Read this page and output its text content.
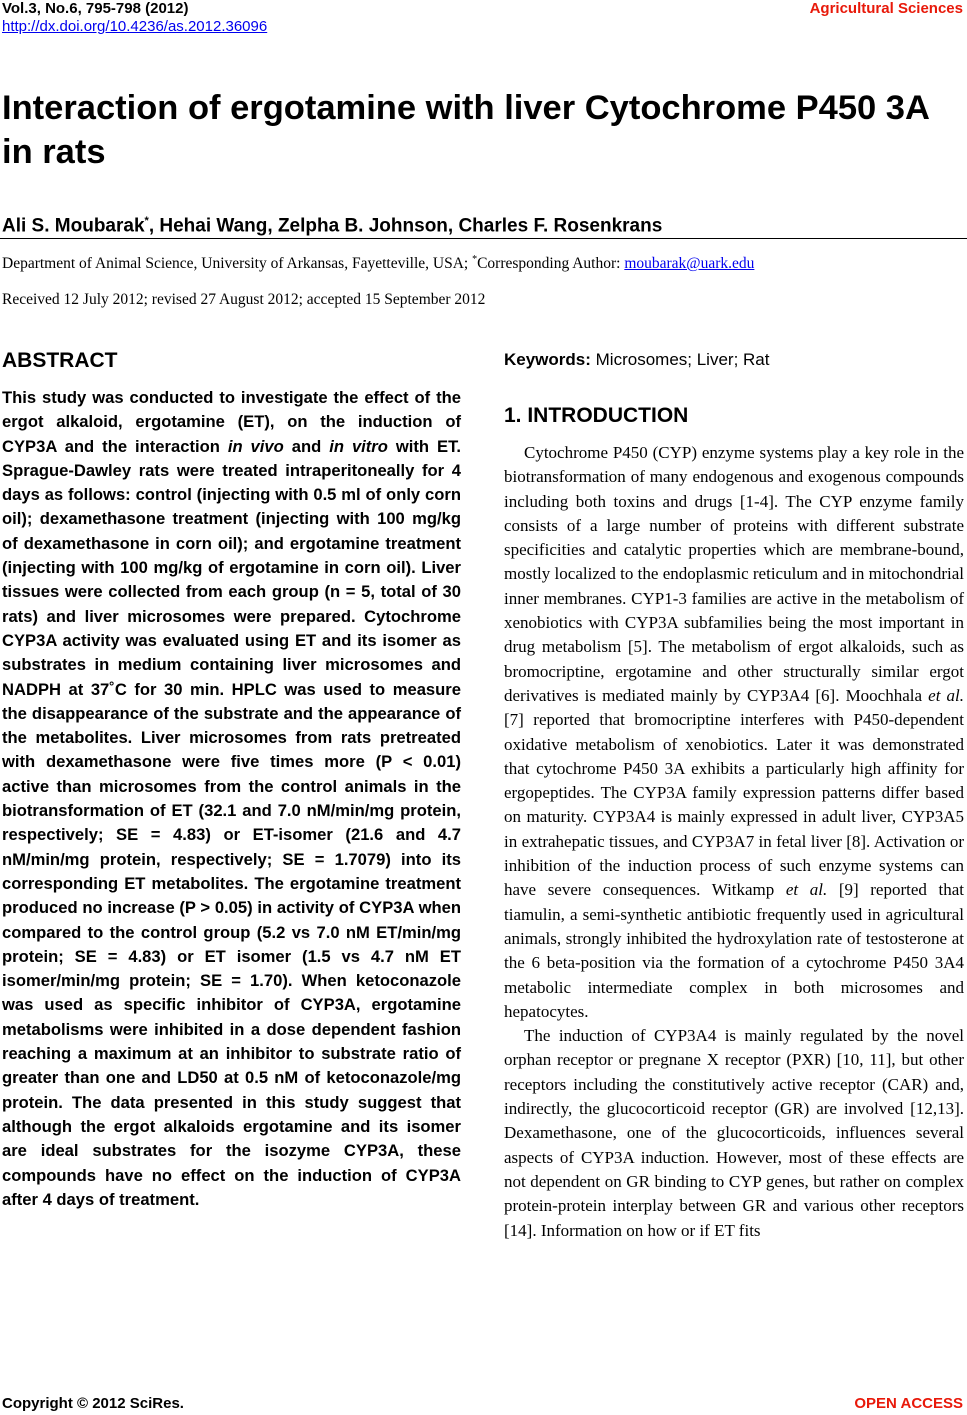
Vol.3, No.6, 795-798 (2012)
http://dx.doi.org/10.4236/as.2012.36096
Agricultural Sciences
Interaction of ergotamine with liver Cytochrome P450 3A in rats
Ali S. Moubarak*, Hehai Wang, Zelpha B. Johnson, Charles F. Rosenkrans
Department of Animal Science, University of Arkansas, Fayetteville, USA; *Corresponding Author: moubarak@uark.edu
Received 12 July 2012; revised 27 August 2012; accepted 15 September 2012
ABSTRACT

This study was conducted to investigate the effect of the ergot alkaloid, ergotamine (ET), on the induction of CYP3A and the interaction in vivo and in vitro with ET. Sprague-Dawley rats were treated intraperitoneally for 4 days as follows: control (injecting with 0.5 ml of only corn oil); dexamethasone treatment (injecting with 100 mg/kg of dexamethasone in corn oil); and ergotamine treatment (injecting with 100 mg/kg of ergotamine in corn oil). Liver tissues were collected from each group (n = 5, total of 30 rats) and liver microsomes were prepared. Cytochrome CYP3A activity was evaluated using ET and its isomer as substrates in medium containing liver microsomes and NADPH at 37˚C for 30 min. HPLC was used to measure the disappearance of the substrate and the appearance of the metabolites. Liver microsomes from rats pretreated with dexamethasone were five times more (P < 0.01) active than microsomes from the control animals in the biotransformation of ET (32.1 and 7.0 nM/min/mg protein, respectively; SE = 4.83) or ET-isomer (21.6 and 4.7 nM/min/mg protein, respectively; SE = 1.7079) into its corresponding ET metabolites. The ergotamine treatment produced no increase (P > 0.05) in activity of CYP3A when compared to the control group (5.2 vs 7.0 nM ET/min/mg protein; SE = 4.83) or ET isomer (1.5 vs 4.7 nM ET isomer/min/mg protein; SE = 1.70). When ketoconazole was used as specific inhibitor of CYP3A, ergotamine metabolisms were inhibited in a dose dependent fashion reaching a maximum at an inhibitor to substrate ratio of greater than one and LD50 at 0.5 nM of ketoconazole/mg protein. The data presented in this study suggest that although the ergot alkaloids ergotamine and its isomer are ideal substrates for the isozyme CYP3A, these compounds have no effect on the induction of CYP3A after 4 days of treatment.

Keywords: Microsomes; Liver; Rat

1. INTRODUCTION

Cytochrome P450 (CYP) enzyme systems play a key role in the biotransformation of many endogenous and exogenous compounds including both toxins and drugs [1-4]. The CYP enzyme family consists of a large number of proteins with different substrate specificities and catalytic properties which are membrane-bound, mostly localized to the endoplasmic reticulum and in mitochondrial inner membranes. CYP1-3 families are active in the metabolism of xenobiotics with CYP3A subfamilies being the most important in drug metabolism [5]. The metabolism of ergot alkaloids, such as bromocriptine, ergotamine and other structurally similar ergot derivatives is mediated mainly by CYP3A4 [6]. Moochhala et al. [7] reported that bromocriptine interferes with P450-dependent oxidative metabolism of xenobiotics. Later it was demonstrated that cytochrome P450 3A exhibits a particularly high affinity for ergopeptides. The CYP3A family expression patterns differ based on maturity. CYP3A4 is mainly expressed in adult liver, CYP3A5 in extrahepatic tissues, and CYP3A7 in fetal liver [8]. Activation or inhibition of the induction process of such enzyme systems can have severe consequences. Witkamp et al. [9] reported that tiamulin, a semi-synthetic antibiotic frequently used in agricultural animals, strongly inhibited the hydroxylation rate of testosterone at the 6 beta-position via the formation of a cytochrome P450 3A4 metabolic intermediate complex in both microsomes and hepatocytes.

The induction of CYP3A4 is mainly regulated by the novel orphan receptor or pregnane X receptor (PXR) [10, 11], but other receptors including the constitutively active receptor (CAR) and, indirectly, the glucocorticoid receptor (GR) are involved [12,13]. Dexamethasone, one of the glucocorticoids, influences several aspects of CYP3A induction. However, most of these effects are not dependent on GR binding to CYP genes, but rather on complex protein-protein interplay between GR and various other receptors [14]. Information on how or if ET fits

Copyright © 2012 SciRes.	OPEN ACCESS
